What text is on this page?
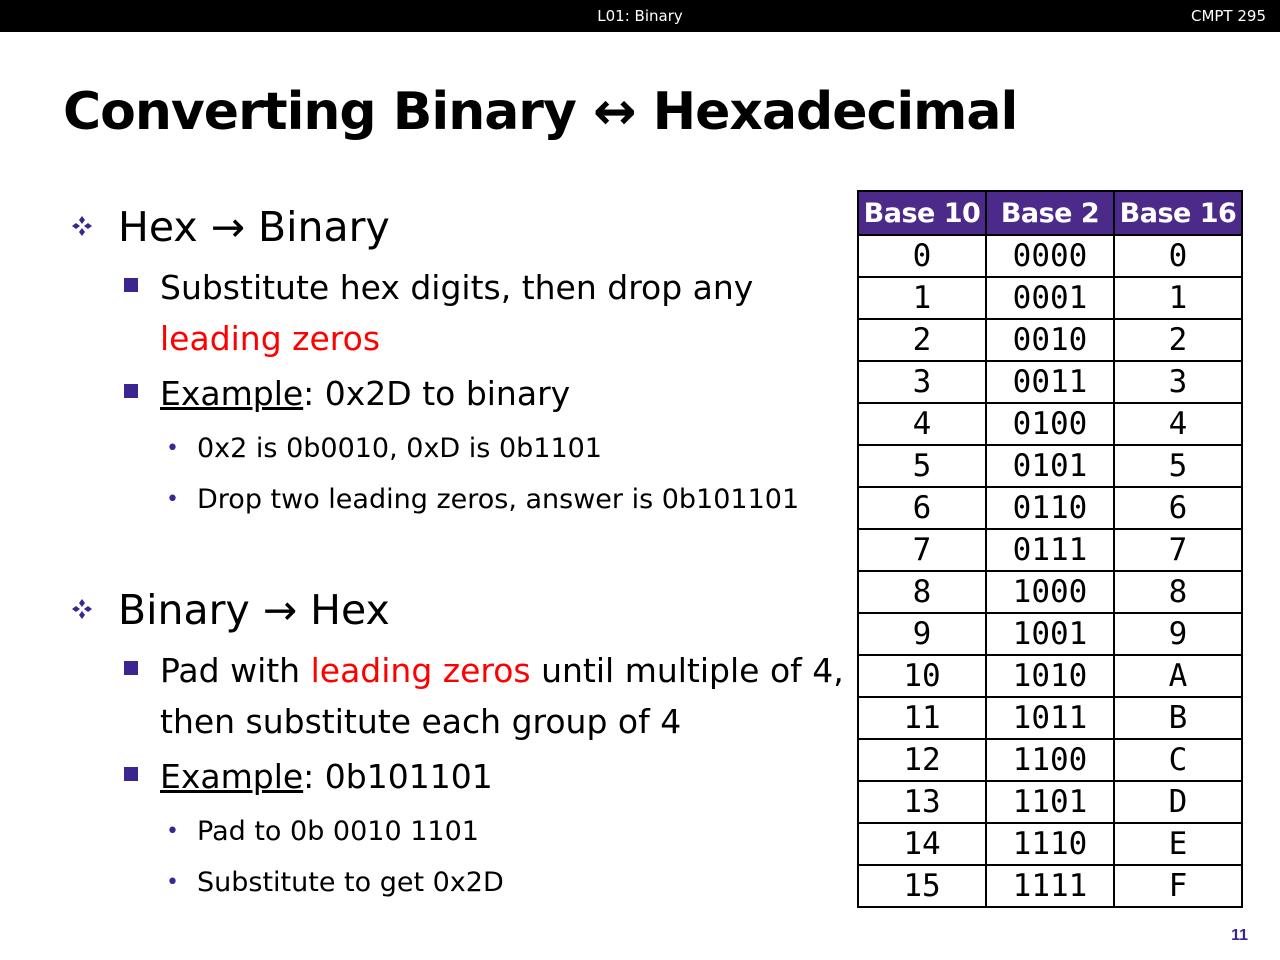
L01: Binary	CMPT 295
Converting Binary ↔ Hexadecimal
Hex → Binary
Substitute hex digits, then drop any leading zeros
Example: 0x2D to binary
• 0x2 is 0b0010, 0xD is 0b1101
• Drop two leading zeros, answer is 0b101101
Binary → Hex
Pad with leading zeros until multiple of 4, then substitute each group of 4
Example: 0b101101
• Pad to 0b 0010 1101
• Substitute to get 0x2D
Base 10	Base 2	Base 16
0	0000	0
1	0001	1
2	0010	2
3	0011	3
4	0100	4
5	0101	5
6	0110	6
7	0111	7
8	1000	8
9	1001	9
10	1010	A
11	1011	B
12	1100	C
13	1101	D
14	1110	E
15	1111	F
11
